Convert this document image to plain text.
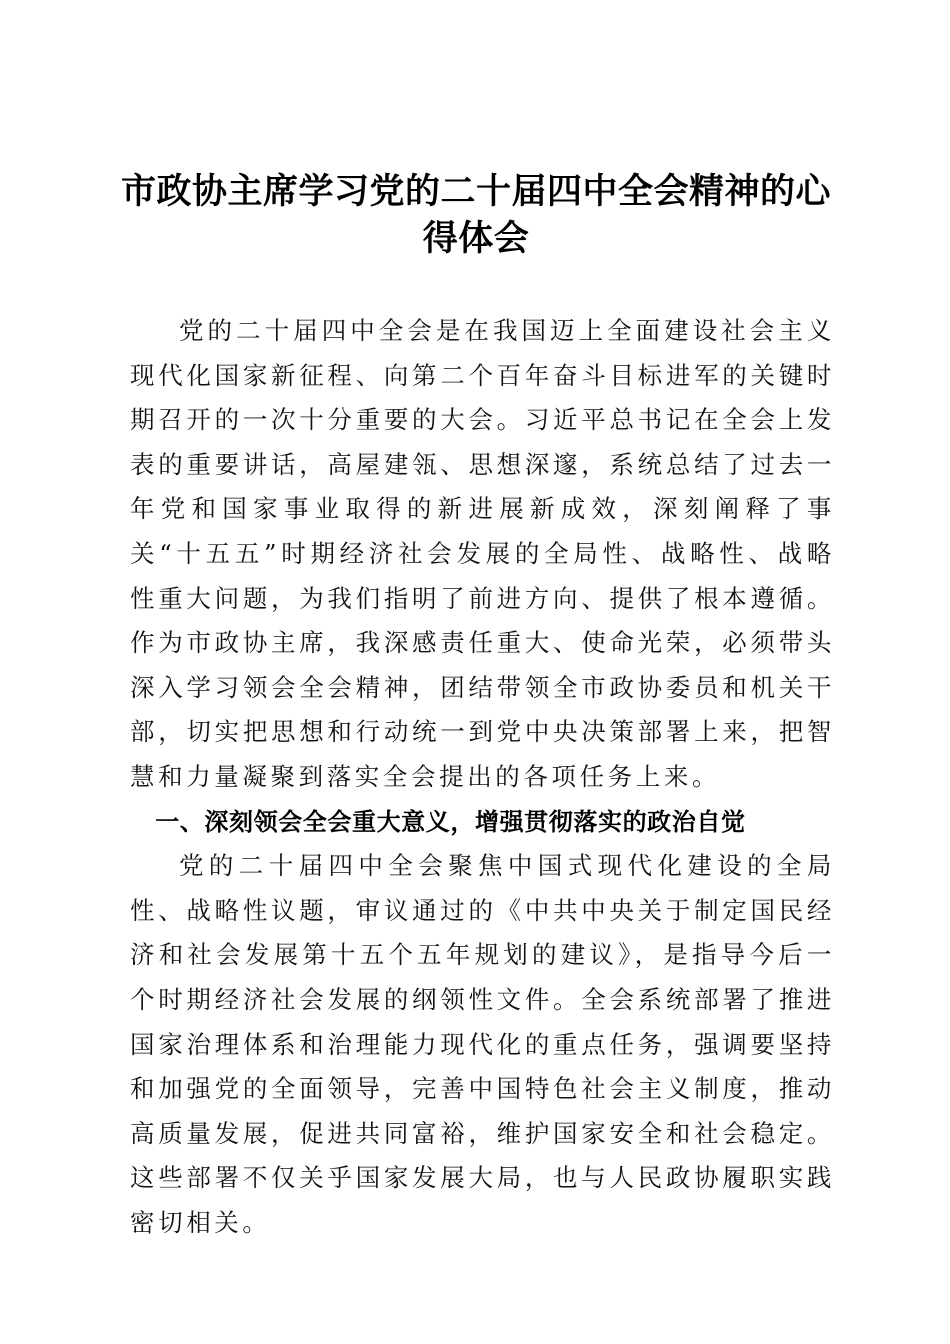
市政协主席学习党的二十届四中全会精神的心得体会

党的二十届四中全会是在我国迈上全面建设社会主义现代化国家新征程、向第二个百年奋斗目标进军的关键时期召开的一次十分重要的大会。习近平总书记在全会上发表的重要讲话，高屋建瓴、思想深邃，系统总结了过去一年党和国家事业取得的新进展新成效，深刻阐释了事关“十五五”时期经济社会发展的全局性、战略性、战略性重大问题，为我们指明了前进方向、提供了根本遵循。作为市政协主席，我深感责任重大、使命光荣，必须带头深入学习领会全会精神，团结带领全市政协委员和机关干部，切实把思想和行动统一到党中央决策部署上来，把智慧和力量凝聚到落实全会提出的各项任务上来。

一、深刻领会全会重大意义，增强贯彻落实的政治自觉

党的二十届四中全会聚焦中国式现代化建设的全局性、战略性议题，审议通过的《中共中央关于制定国民经济和社会发展第十五个五年规划的建议》，是指导今后一个时期经济社会发展的纲领性文件。全会系统部署了推进国家治理体系和治理能力现代化的重点任务，强调要坚持和加强党的全面领导，完善中国特色社会主义制度，推动高质量发展，促进共同富裕，维护国家安全和社会稳定。这些部署不仅关乎国家发展大局，也与人民政协履职实践密切相关。
